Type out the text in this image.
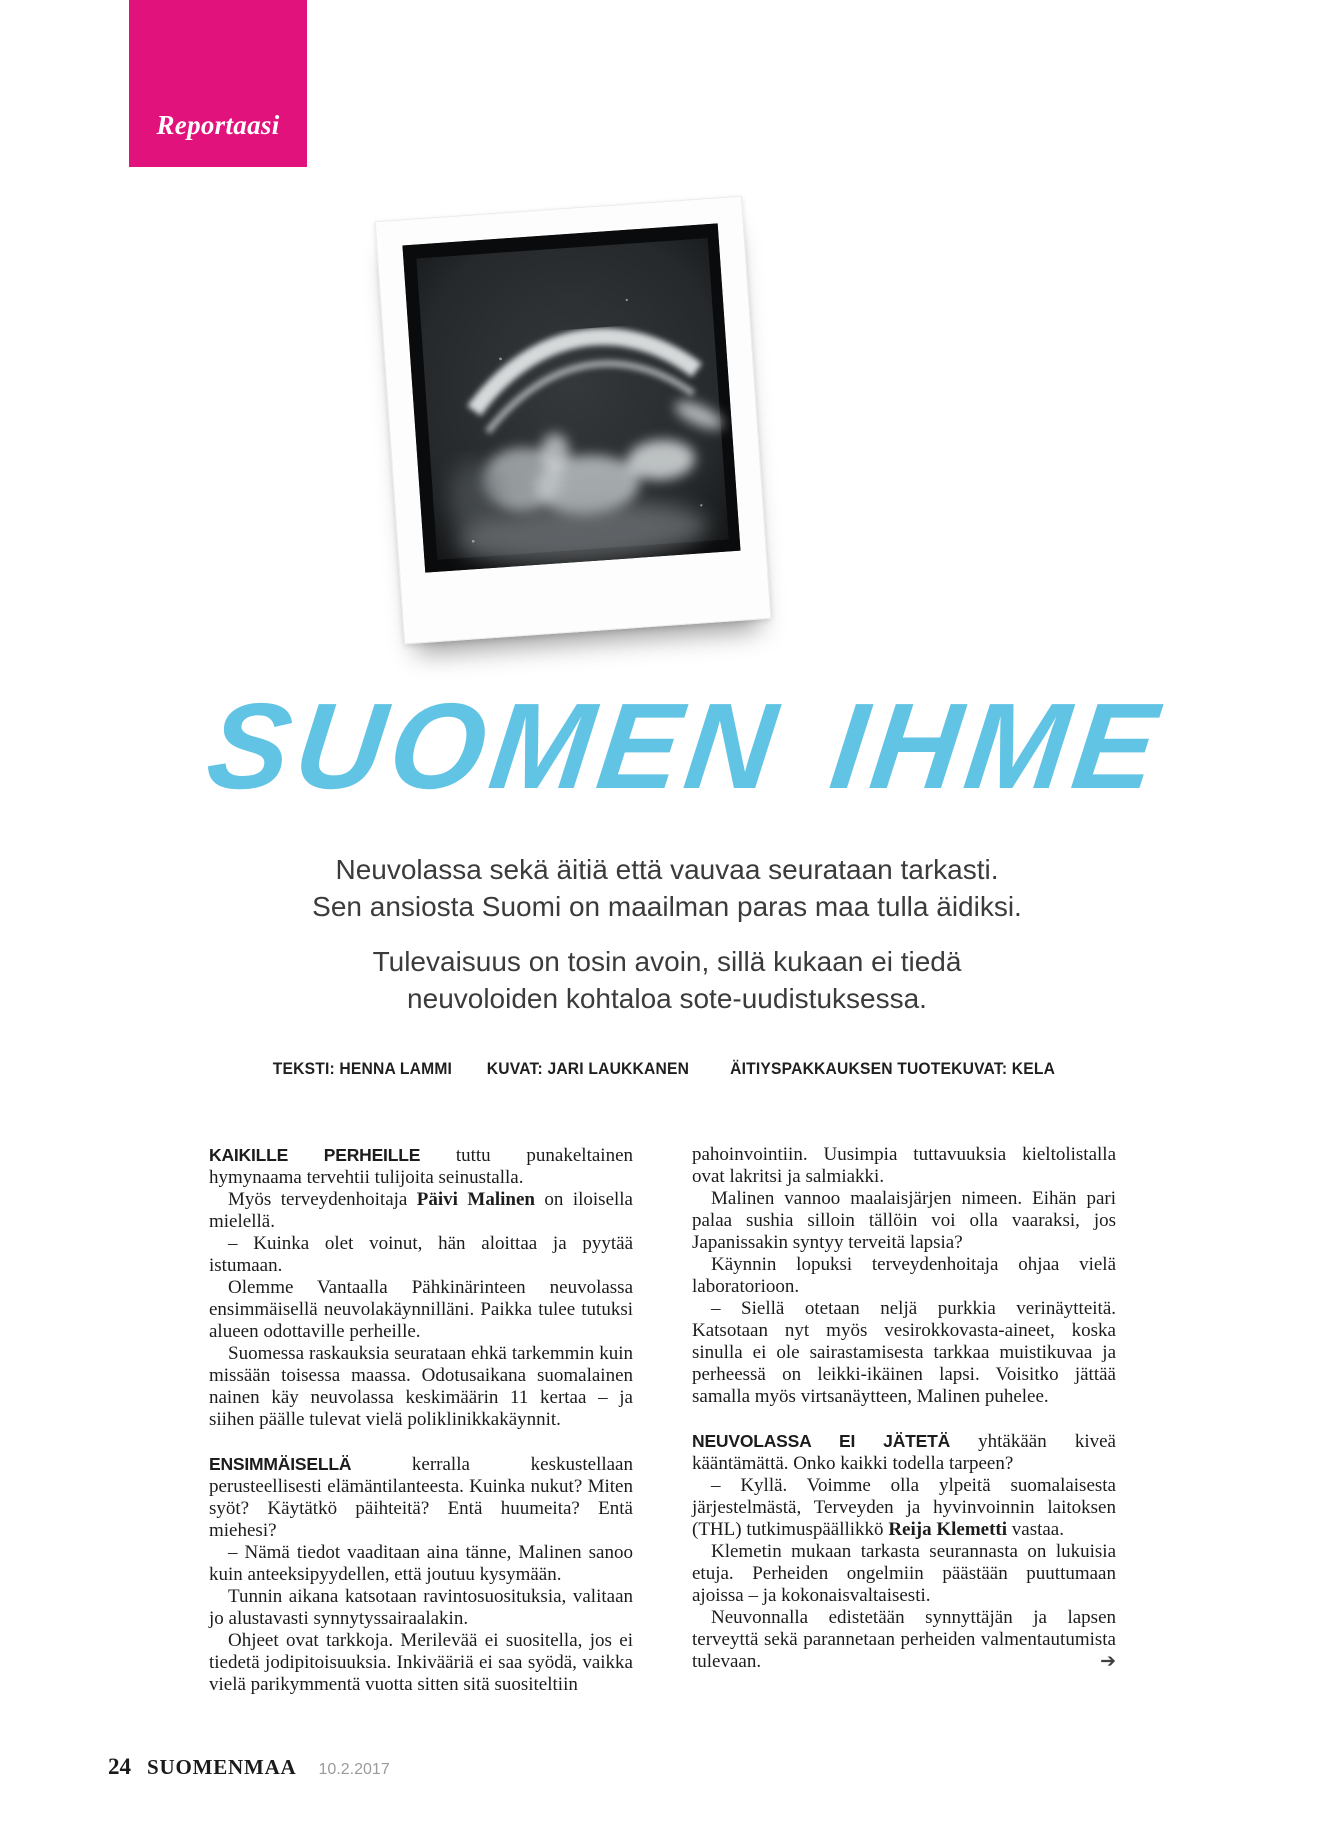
Reportaasi
SUOMEN IHME
Neuvolassa sekä äitiä että vauvaa seurataan tarkasti.
Sen ansiosta Suomi on maailman paras maa tulla äidiksi.
Tulevaisuus on tosin avoin, sillä kukaan ei tiedä
neuvoloiden kohtaloa sote-uudistuksessa.
TEKSTI: HENNA LAMMI KUVAT: JARI LAUKKANEN ÄITIYSPAKKAUKSEN TUOTEKUVAT: KELA

KAIKILLE PERHEILLE tuttu punakeltainen hymynaama tervehtii tulijoita seinustalla.

Myös terveydenhoitaja Päivi Malinen on iloisella mielellä.

– Kuinka olet voinut, hän aloittaa ja pyytää istumaan.

Olemme Vantaalla Pähkinärinteen neuvolassa ensimmäisellä neuvolakäynnilläni. Paikka tulee tutuksi alueen odottaville perheille.

Suomessa raskauksia seurataan ehkä tarkemmin kuin missään toisessa maassa. Odotusaikana suomalainen nainen käy neuvolassa keskimäärin 11 kertaa – ja siihen päälle tulevat vielä poliklinikkakäynnit.

ENSIMMÄISELLÄ kerralla keskustellaan perusteellisesti elämäntilanteesta. Kuinka nukut? Miten syöt? Käytätkö päihteitä? Entä huumeita? Entä miehesi?

– Nämä tiedot vaaditaan aina tänne, Malinen sanoo kuin anteeksipyydellen, että joutuu kysymään.

Tunnin aikana katsotaan ravintosuosituksia, valitaan jo alustavasti synnytyssairaalakin.

Ohjeet ovat tarkkoja. Merilevää ei suositella, jos ei tiedetä jodipitoisuuksia. Inkivääriä ei saa syödä, vaikka vielä parikymmentä vuotta sitten sitä suositeltiin

pahoinvointiin. Uusimpia tuttavuuksia kieltolistalla ovat lakritsi ja salmiakki.

Malinen vannoo maalaisjärjen nimeen. Eihän pari palaa sushia silloin tällöin voi olla vaaraksi, jos Japanissakin syntyy terveitä lapsia?

Käynnin lopuksi terveydenhoitaja ohjaa vielä laboratorioon.

– Siellä otetaan neljä purkkia verinäytteitä. Katsotaan nyt myös vesirokkovasta-aineet, koska sinulla ei ole sairastamisesta tarkkaa muistikuvaa ja perheessä on leikki-ikäinen lapsi. Voisitko jättää samalla myös virtsanäytteen, Malinen puhelee.

NEUVOLASSA EI JÄTETÄ yhtäkään kiveä kääntämättä. Onko kaikki todella tarpeen?

– Kyllä. Voimme olla ylpeitä suomalaisesta järjestelmästä, Terveyden ja hyvinvoinnin laitoksen (THL) tutkimuspäällikkö Reija Klemetti vastaa.

Klemetin mukaan tarkasta seurannasta on lukuisia etuja. Perheiden ongelmiin päästään puuttumaan ajoissa – ja kokonaisvaltaisesti.

Neuvonnalla edistetään synnyttäjän ja lapsen terveyttä sekä parannetaan perheiden valmentautumista tulevaan.	➔

24 SUOMENMAA 10.2.2017
